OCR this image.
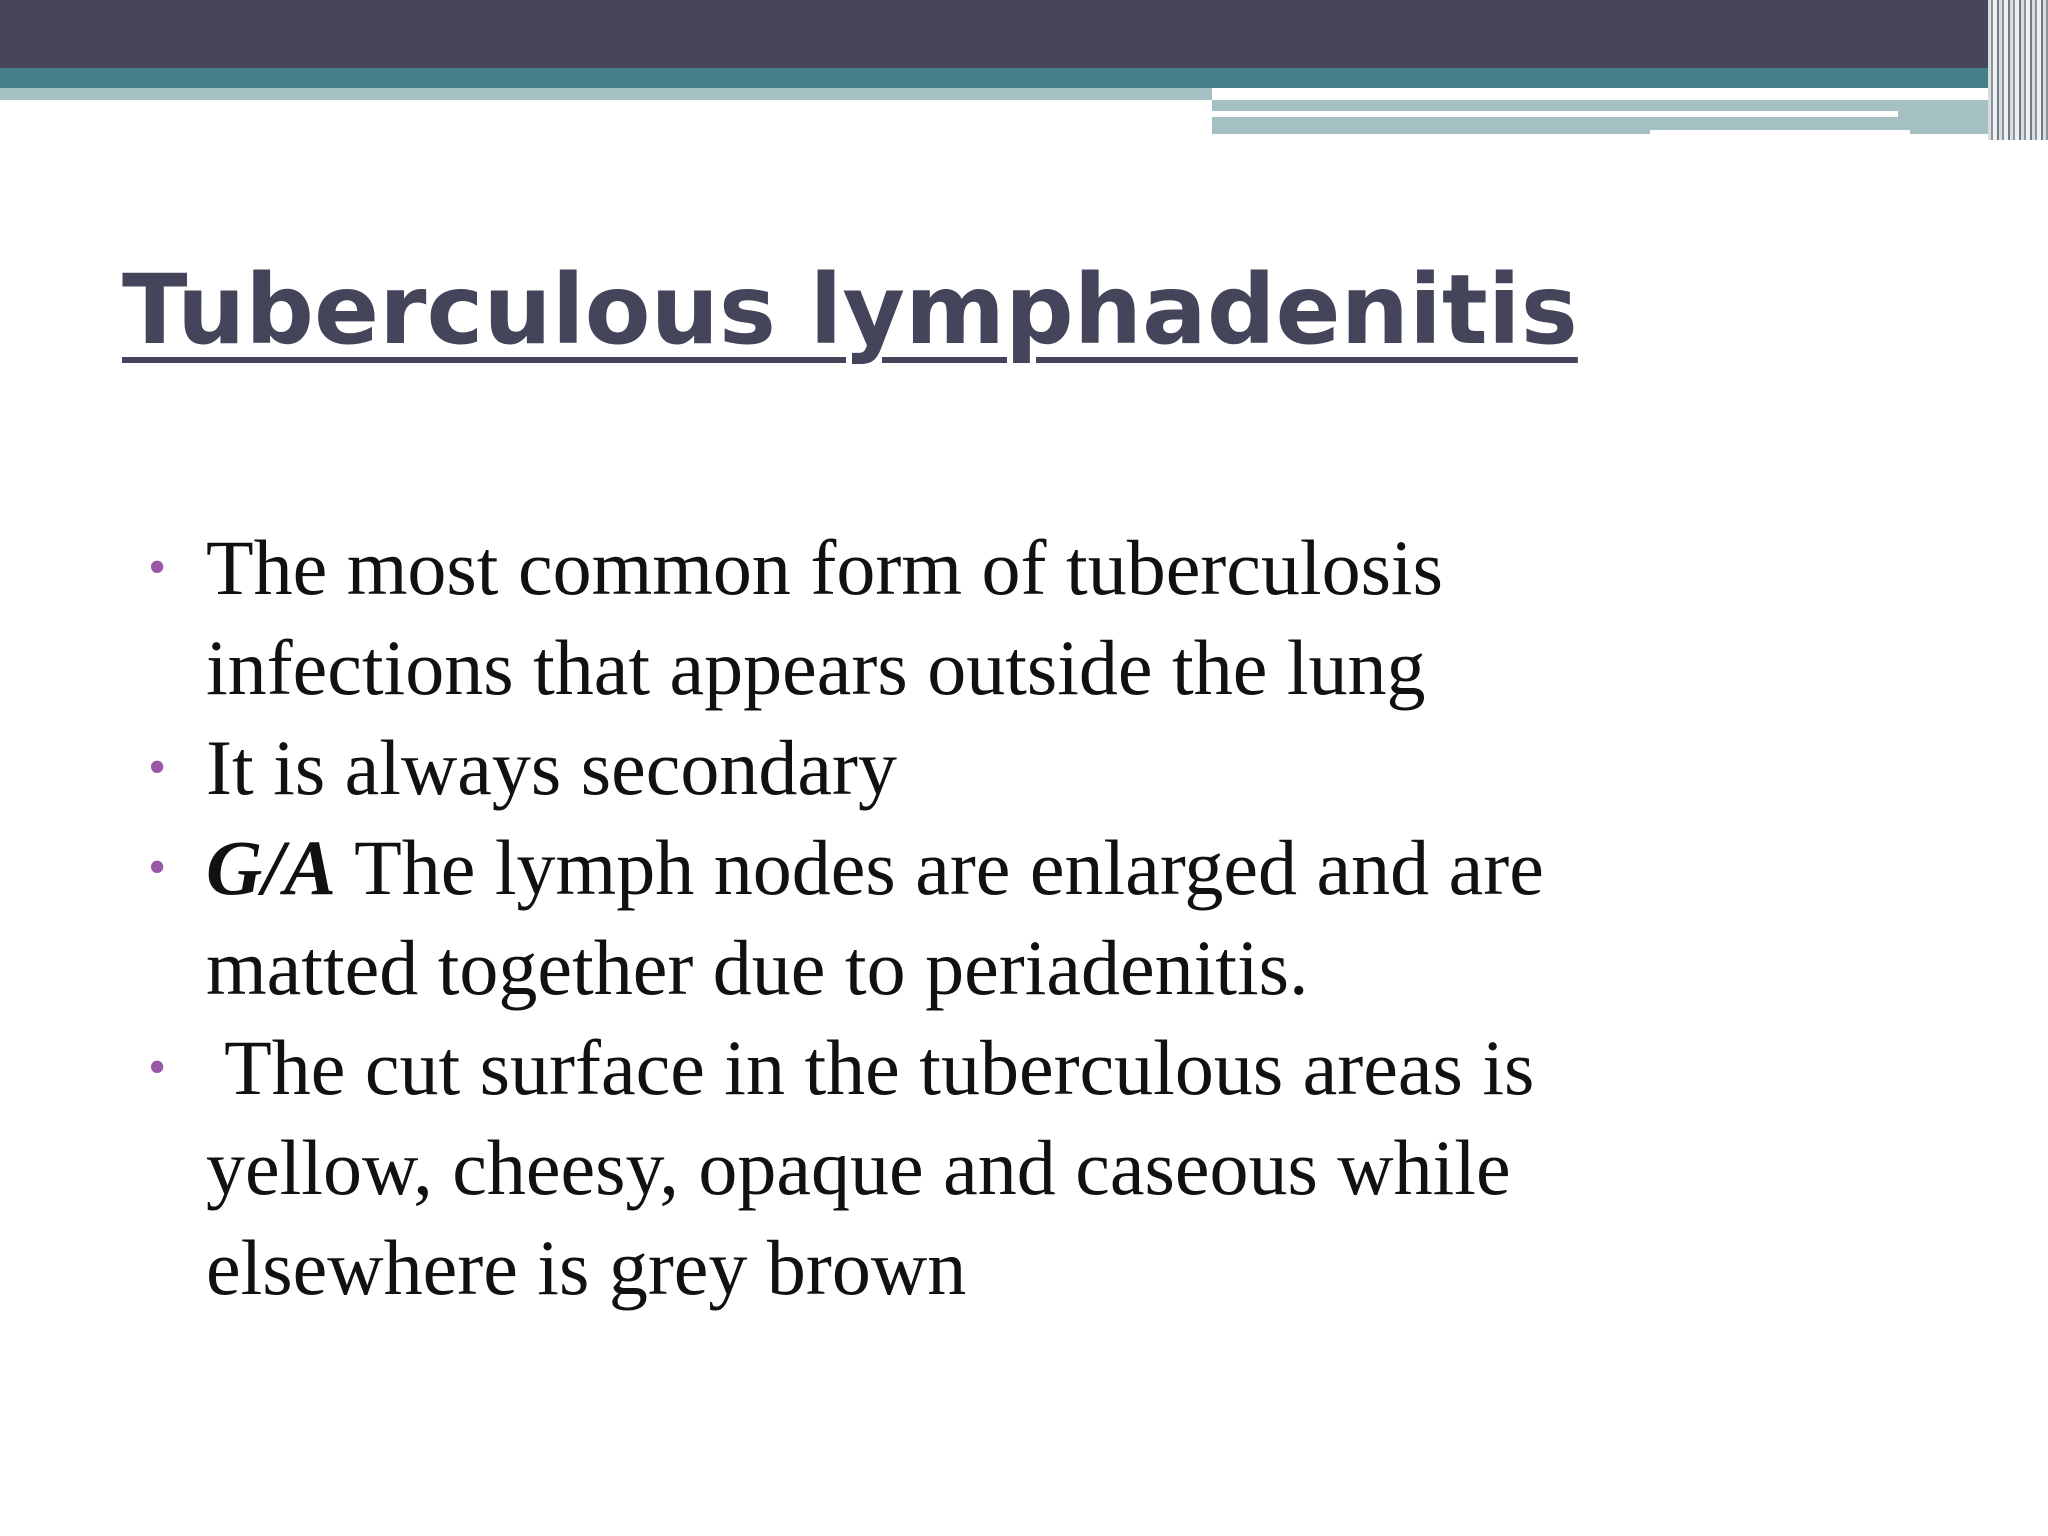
Tuberculous lymphadenitis
• The most common form of tuberculosis
infections that appears outside the lung
• It is always secondary
• G/A The lymph nodes are enlarged and are
matted together due to periadenitis.
• The cut surface in the tuberculous areas is
yellow, cheesy, opaque and caseous while
elsewhere is grey brown
